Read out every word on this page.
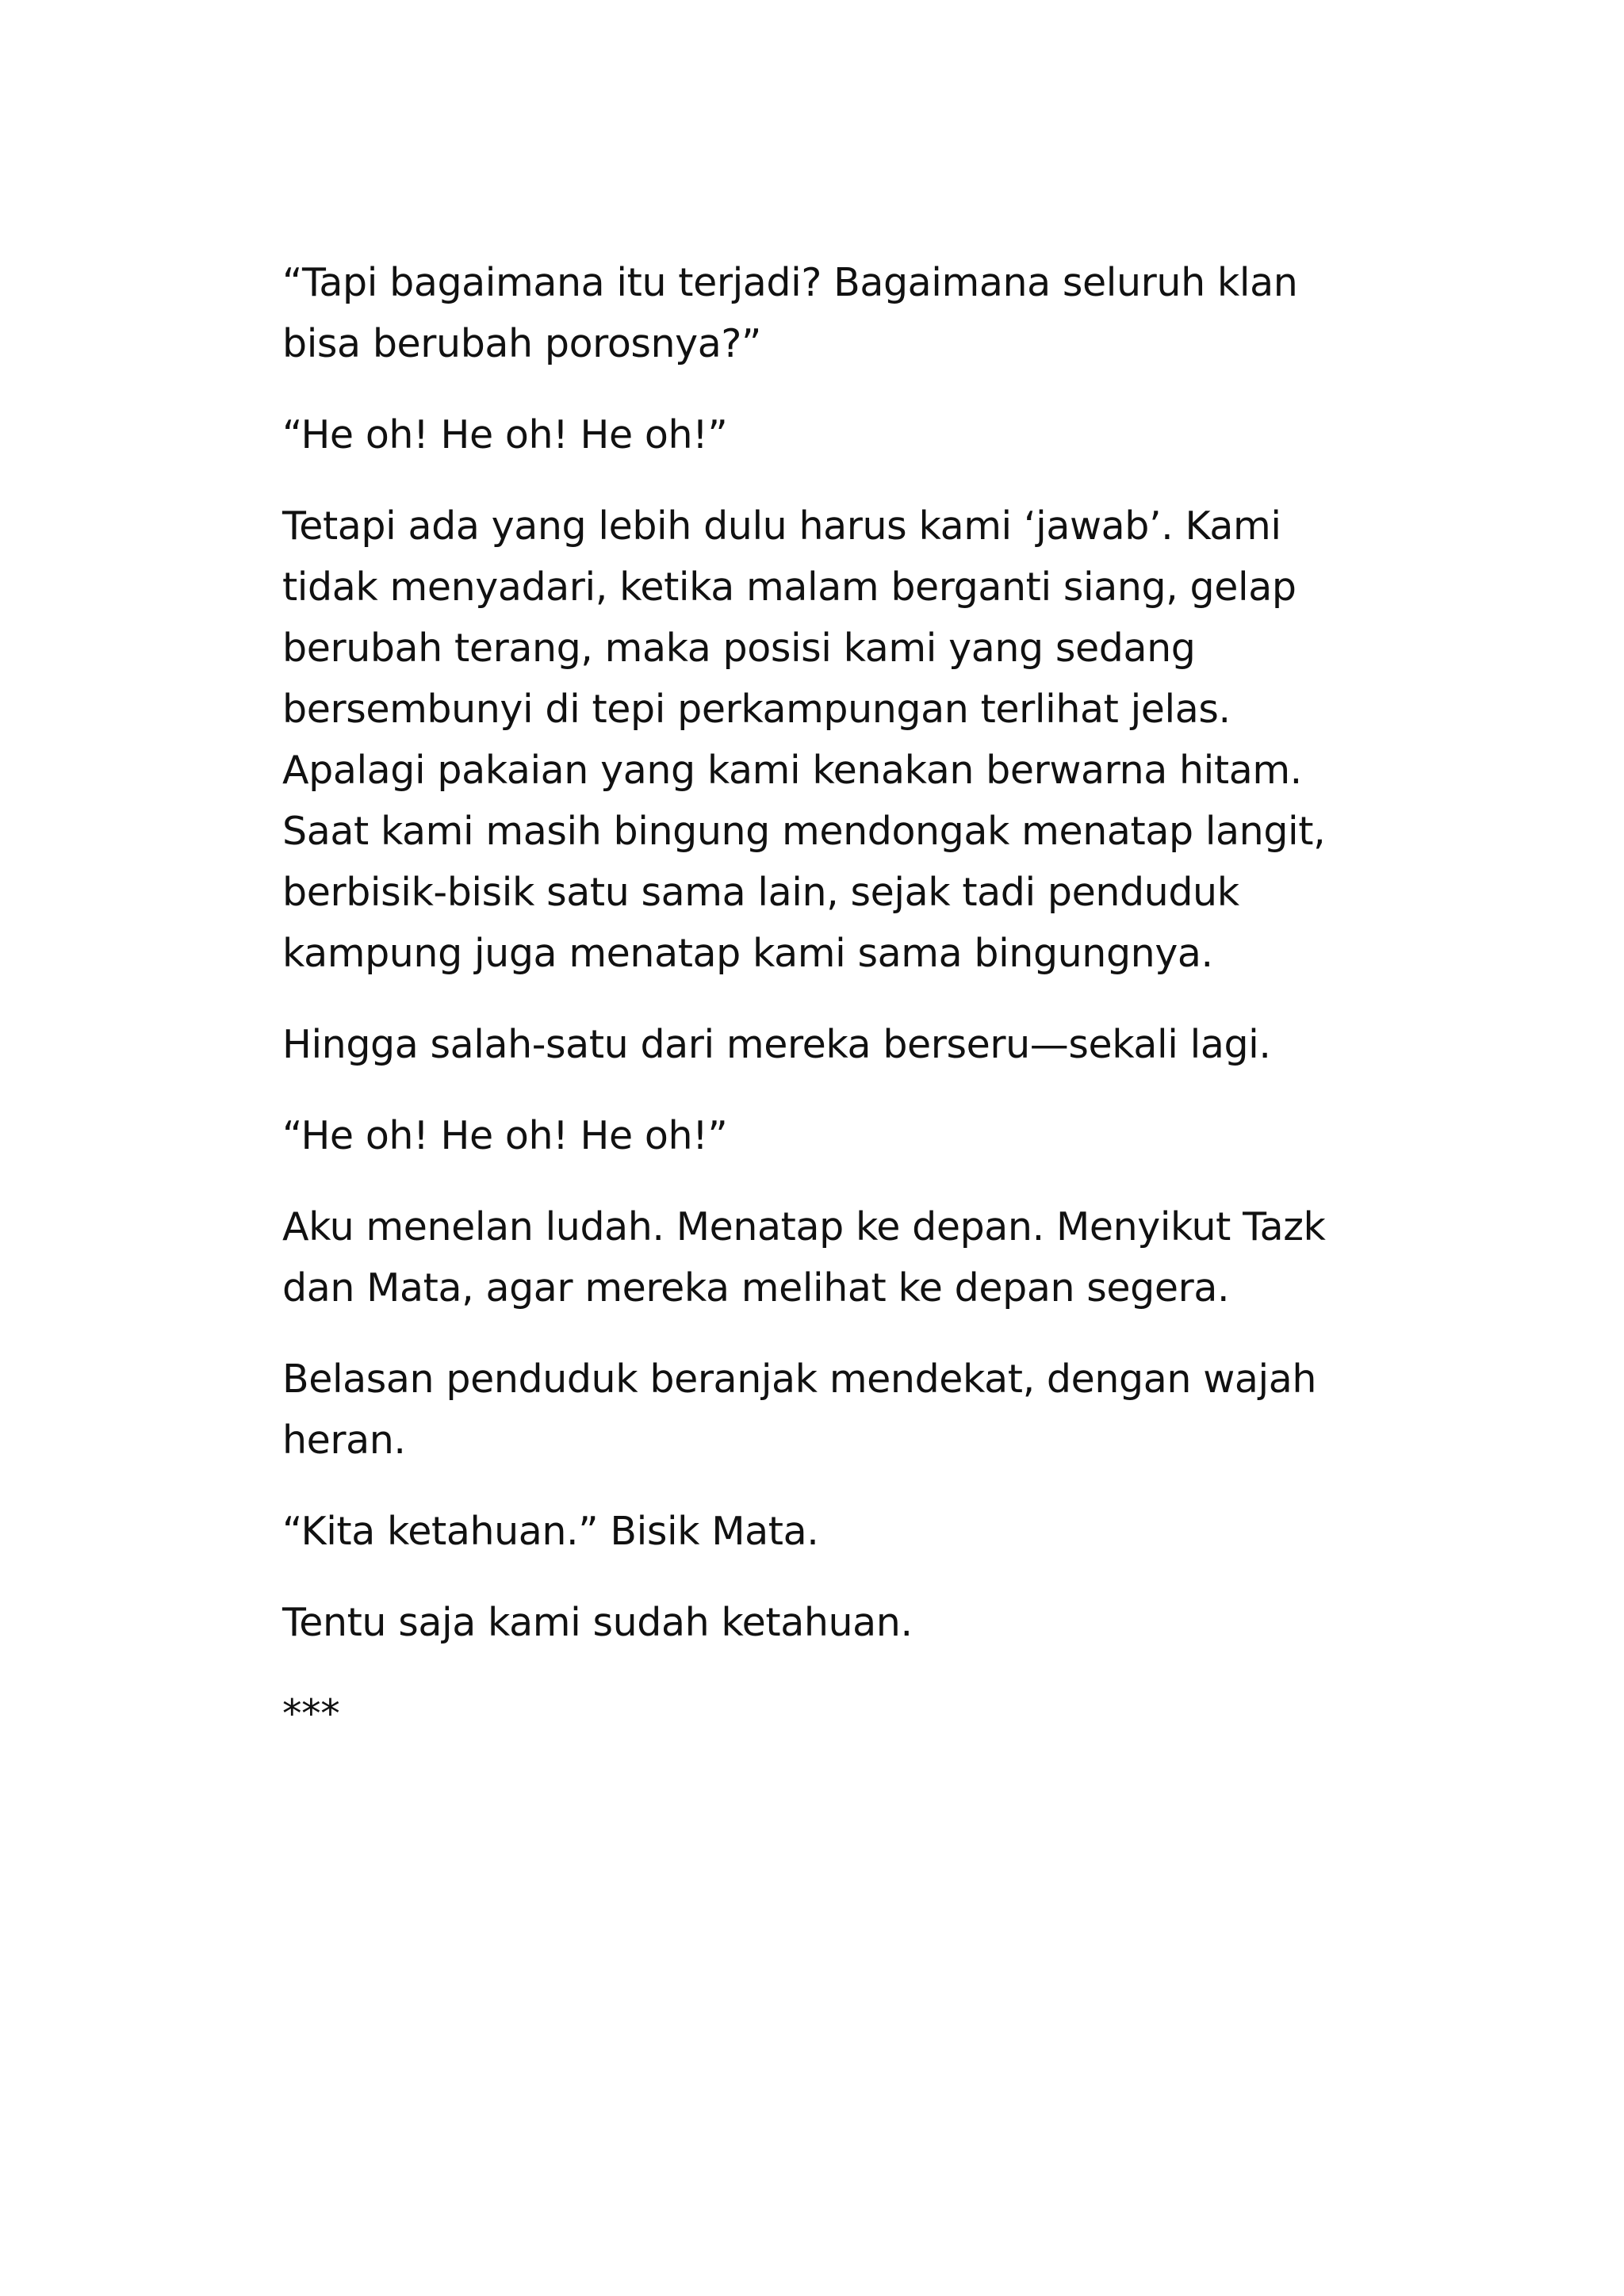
“Tapi bagaimana itu terjadi? Bagaimana seluruh klan
bisa berubah porosnya?”

“He oh! He oh! He oh!”

Tetapi ada yang lebih dulu harus kami ‘jawab’. Kami
tidak menyadari, ketika malam berganti siang, gelap
berubah terang, maka posisi kami yang sedang
bersembunyi di tepi perkampungan terlihat jelas.
Apalagi pakaian yang kami kenakan berwarna hitam.
Saat kami masih bingung mendongak menatap langit,
berbisik-bisik satu sama lain, sejak tadi penduduk
kampung juga menatap kami sama bingungnya.

Hingga salah-satu dari mereka berseru—sekali lagi.

“He oh! He oh! He oh!”

Aku menelan ludah. Menatap ke depan. Menyikut Tazk
dan Mata, agar mereka melihat ke depan segera.

Belasan penduduk beranjak mendekat, dengan wajah
heran.

“Kita ketahuan.” Bisik Mata.

Tentu saja kami sudah ketahuan.

***
